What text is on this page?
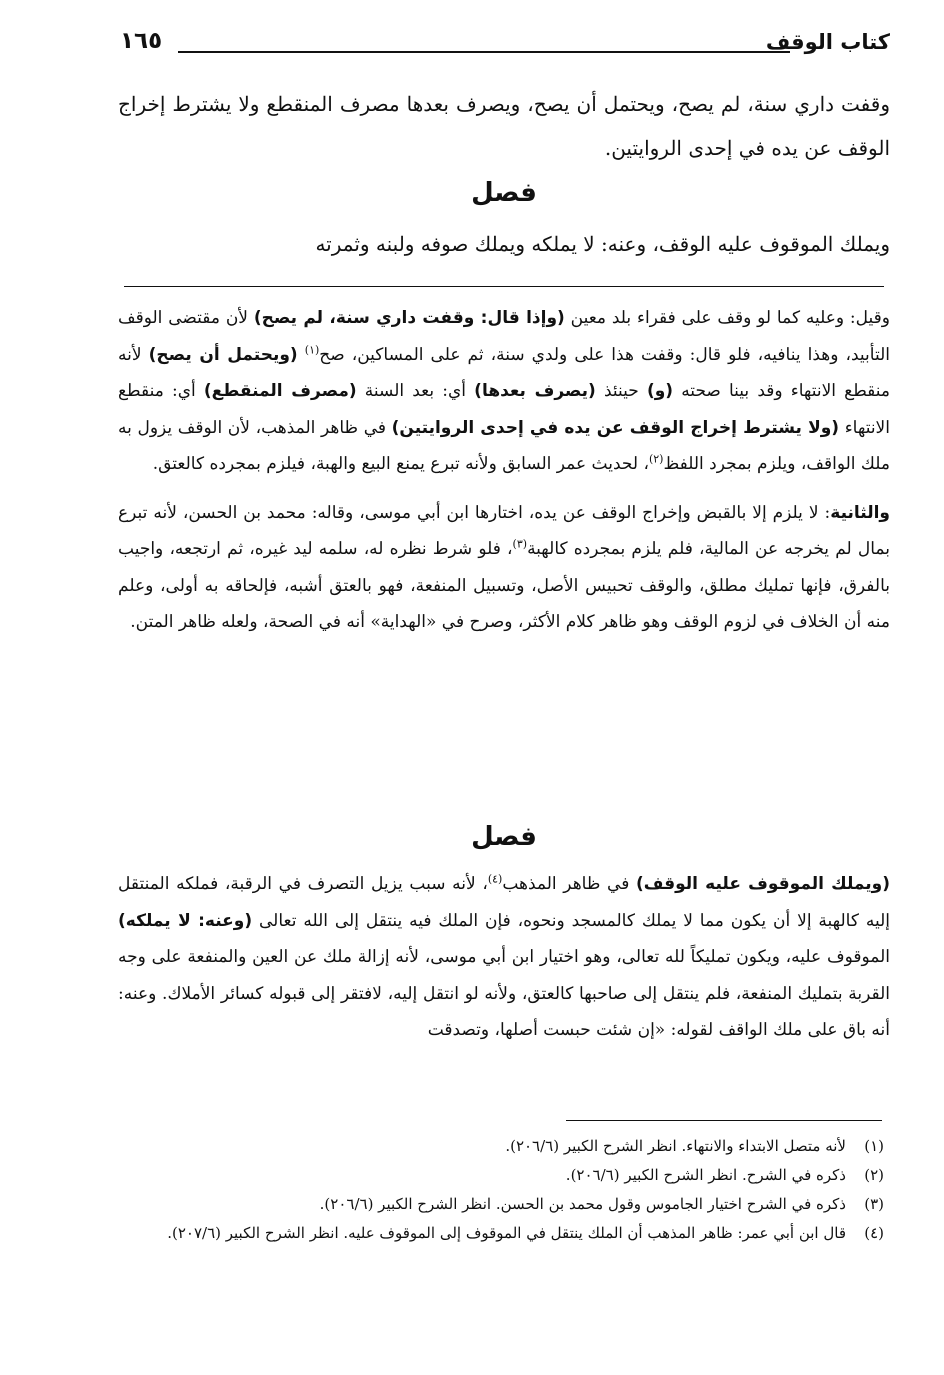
كتاب الوقف
١٦٥
وقفت داري سنة، لم يصح، ويحتمل أن يصح، ويصرف بعدها مصرف المنقطع ولا يشترط إخراج الوقف عن يده في إحدى الروايتين.
فصل
ويملك الموقوف عليه الوقف، وعنه: لا يملكه ويملك صوفه ولبنه وثمرته

وقيل: وعليه كما لو وقف على فقراء بلد معين (وإذا قال: وقفت داري سنة، لم يصح) لأن مقتضى الوقف التأبيد، وهذا ينافيه، فلو قال: وقفت هذا على ولدي سنة، ثم على المساكين، صح$^{(١)}$ (ويحتمل أن يصح) لأنه منقطع الانتهاء وقد بينا صحته (و) حينئذ (يصرف بعدها) أي: بعد السنة (مصرف المنقطع) أي: منقطع الانتهاء (ولا يشترط إخراج الوقف عن يده في إحدى الروايتين) في ظاهر المذهب، لأن الوقف يزول به ملك الواقف، ويلزم بمجرد اللفظ$^{(٢)}$، لحديث عمر السابق ولأنه تبرع يمنع البيع والهبة، فيلزم بمجرده كالعتق.

والثانية: لا يلزم إلا بالقبض وإخراج الوقف عن يده، اختارها ابن أبي موسى، وقاله: محمد بن الحسن، لأنه تبرع بمال لم يخرجه عن المالية، فلم يلزم بمجرده كالهبة$^{(٣)}$، فلو شرط نظره له، سلمه ليد غيره، ثم ارتجعه، واجيب بالفرق، فإنها تمليك مطلق، والوقف تحبيس الأصل، وتسبيل المنفعة، فهو بالعتق أشبه، فإلحاقه به أولى، وعلم منه أن الخلاف في لزوم الوقف وهو ظاهر كلام الأكثر، وصرح في «الهداية» أنه في الصحة، ولعله ظاهر المتن.

فصل

(ويملك الموقوف عليه الوقف) في ظاهر المذهب$^{(٤)}$، لأنه سبب يزيل التصرف في الرقبة، فملكه المنتقل إليه كالهبة إلا أن يكون مما لا يملك كالمسجد ونحوه، فإن الملك فيه ينتقل إلى الله تعالى (وعنه: لا يملكه) الموقوف عليه، ويكون تمليكاً لله تعالى، وهو اختيار ابن أبي موسى، لأنه إزالة ملك عن العين والمنفعة على وجه القربة بتمليك المنفعة، فلم ينتقل إلى صاحبها كالعتق، ولأنه لو انتقل إليه، لافتقر إلى قبوله كسائر الأملاك. وعنه: أنه باق على ملك الواقف لقوله: «إن شئت حبست أصلها، وتصدقت

(١)
لأنه متصل الابتداء والانتهاء. انظر الشرح الكبير (٢٠٦/٦).
(٢)
ذكره في الشرح. انظر الشرح الكبير (٢٠٦/٦).
(٣)
ذكره في الشرح اختيار الجاموس وقول محمد بن الحسن. انظر الشرح الكبير (٢٠٦/٦).
(٤)
قال ابن أبي عمر: ظاهر المذهب أن الملك ينتقل في الموقوف إلى الموقوف عليه. انظر الشرح الكبير (٢٠٧/٦).
